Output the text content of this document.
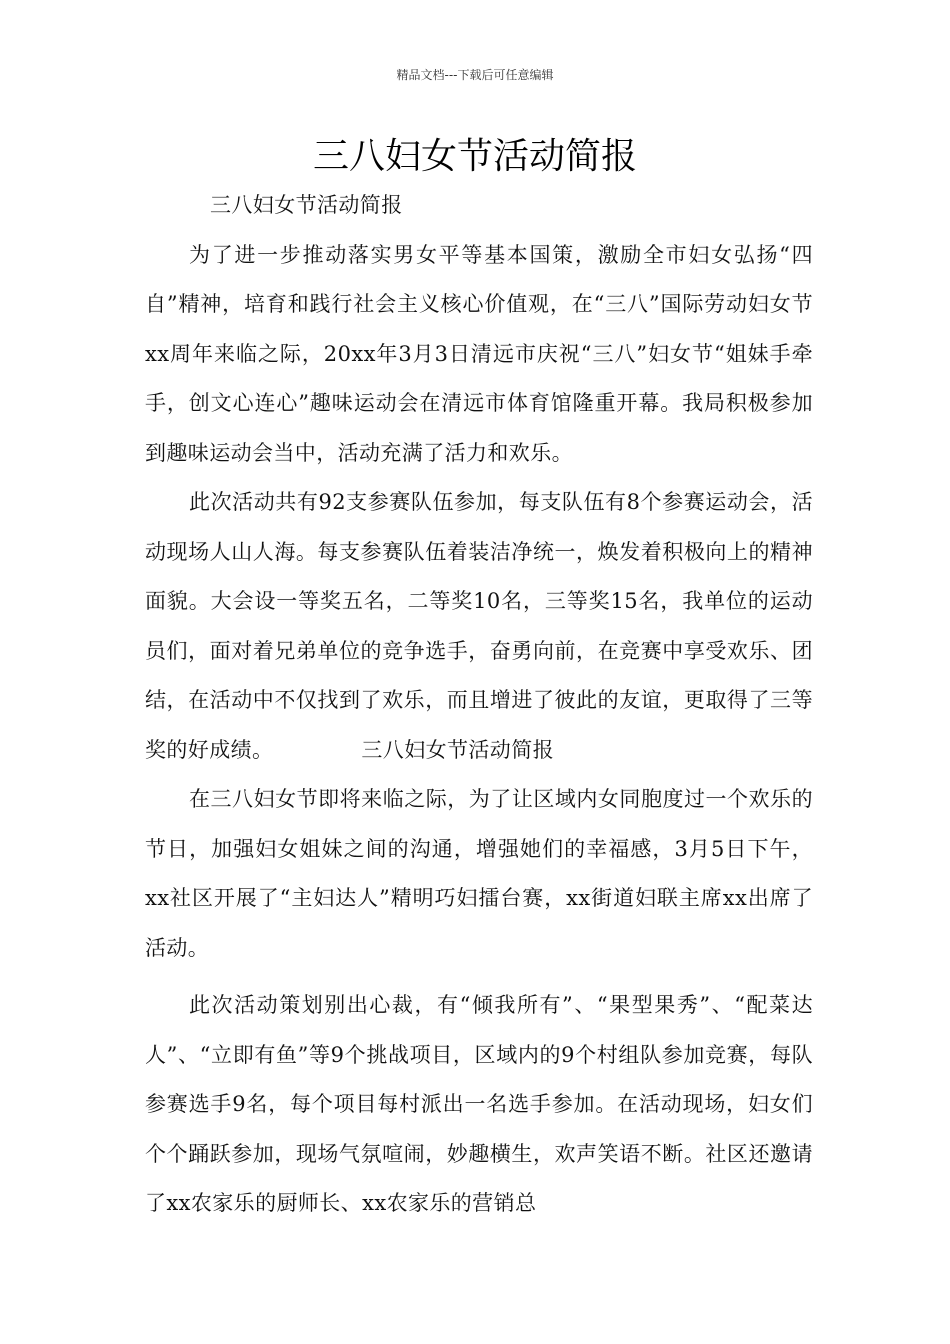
精品文档---下载后可任意编辑
三八妇女节活动简报

三八妇女节活动简报

为了进一步推动落实男女平等基本国策，激励全市妇女弘扬“四自”精神，培育和践行社会主义核心价值观，在“三八”国际劳动妇女节xx周年来临之际，20xx年3月3日清远市庆祝“三八”妇女节“姐妹手牵手，创文心连心”趣味运动会在清远市体育馆隆重开幕。我局积极参加到趣味运动会当中，活动充满了活力和欢乐。

此次活动共有92支参赛队伍参加，每支队伍有8个参赛运动会，活动现场人山人海。每支参赛队伍着装洁净统一，焕发着积极向上的精神面貌。大会设一等奖五名，二等奖10名，三等奖15名，我单位的运动员们，面对着兄弟单位的竞争选手，奋勇向前，在竞赛中享受欢乐、团结，在活动中不仅找到了欢乐，而且增进了彼此的友谊，更取得了三等奖的好成绩。	三八妇女节活动简报

在三八妇女节即将来临之际，为了让区域内女同胞度过一个欢乐的节日，加强妇女姐妹之间的沟通，增强她们的幸福感，3月5日下午，xx社区开展了“主妇达人”精明巧妇擂台赛，xx街道妇联主席xx出席了活动。

此次活动策划别出心裁，有“倾我所有”、“果型果秀”、“配菜达人”、“立即有鱼”等9个挑战项目，区域内的9个村组队参加竞赛，每队参赛选手9名，每个项目每村派出一名选手参加。在活动现场，妇女们个个踊跃参加，现场气氛喧闹，妙趣横生，欢声笑语不断。社区还邀请了xx农家乐的厨师长、xx农家乐的营销总
